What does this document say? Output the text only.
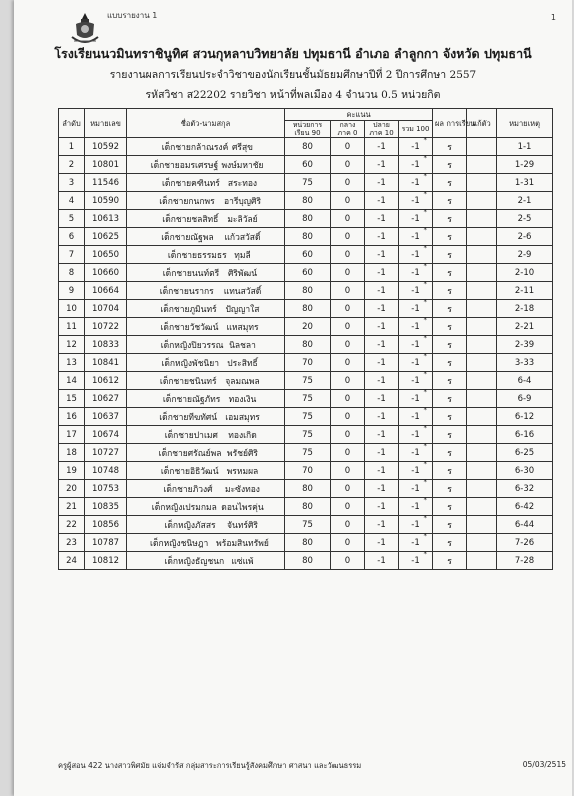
แบบรายงาน 1	1
โรงเรียนนวมินทราชินูทิศ สวนกุหลาบวิทยาลัย ปทุมธานี อำเภอ ลำลูกกา จังหวัด ปทุมธานี
รายงานผลการเรียนประจำวิชาของนักเรียนชั้นมัธยมศึกษาปีที่ 2 ปีการศึกษา 2557
รหัสวิชา ส22202 รายวิชา หน้าที่พลเมือง 4 จำนวน 0.5 หน่วยกิต
ลำดับ	หมายเลข	ชื่อตัว-นามสกุล	คะแนน				ผล การเรียน	แก้ตัว	หมายเหตุ
			หน่วยการเรียน 90	กลางภาค 0	ปลายภาค 10	รวม 100			
1	10592	เด็กชายกล้าณรงค์ ศรีสุข	80	0	-1	-1 *	ร		1-1
2	10801	เด็กชายอมรเศรษฐ์ พงษ์มหาชัย	60	0	-1	-1 *	ร		1-29
3	11546	เด็กชายคฑินทร์ สระทอง	75	0	-1	-1 *	ร		1-31
4	10590	เด็กชายกนกพร อารีบุญศิริ	80	0	-1	-1 *	ร		2-1
5	10613	เด็กชายชลสิทธิ์ มะลิวัลย์	80	0	-1	-1 *	ร		2-5
6	10625	เด็กชายณัฐพล แก้วสวัสดิ์	80	0	-1	-1 *	ร		2-6
7	10650	เด็กชายธรรมธร ทุมลี	60	0	-1	-1 *	ร		2-9
8	10660	เด็กชายนนท์ตรี ศิริพัฒน์	60	0	-1	-1 *	ร		2-10
9	10664	เด็กชายนรากร แทนสวัสดิ์	80	0	-1	-1 *	ร		2-11
10	10704	เด็กชายภูมินทร์ ปัญญาใส	80	0	-1	-1 *	ร		2-18
11	10722	เด็กชายวัชวัฒน์ แหสมุทร	20	0	-1	-1 *	ร		2-21
12	10833	เด็กหญิงปิยวรรณ นิลชลา	80	0	-1	-1 *	ร		2-39
13	10841	เด็กหญิงพัชนิยา ประสิทธิ์	70	0	-1	-1 *	ร		3-33
14	10612	เด็กชายชนินทร์ จุลมณพล	75	0	-1	-1 *	ร		6-4
15	10627	เด็กชายณัฐภัทร ทองเงิน	75	0	-1	-1 *	ร		6-9
16	10637	เด็กชายทีฆทัศน์ เอมสมุทร	75	0	-1	-1 *	ร		6-12
17	10674	เด็กชายปาเมศ ทองเกิด	75	0	-1	-1 *	ร		6-16
18	10727	เด็กชายศรัณย์พล พรัชย์ศิริ	75	0	-1	-1 *	ร		6-25
19	10748	เด็กชายอิธิวัฒน์ พรหมผล	70	0	-1	-1 *	ร		6-30
20	10753	เด็กชายภิวงศ์ มะซังทอง	80	0	-1	-1 *	ร		6-32
21	10835	เด็กหญิงเปรมกมล ดอนไพรคุ่น	80	0	-1	-1 *	ร		6-42
22	10856	เด็กหญิงภัสสร จันทร์ศิริ	75	0	-1	-1 *	ร		6-44
23	10787	เด็กหญิงชนิษฎา พร้อมสินทรัพย์	80	0	-1	-1 *	ร		7-26
24	10812	เด็กหญิงธัญชนก แซ่แพ้	80	0	-1	-1 *	ร		7-28
ครูผู้สอน 422 นางสาวพิศมัย แจ่มจำรัส กลุ่มสาระการเรียนรู้สังคมศึกษา ศาสนา และวัฒนธรรม	05/03/2515
